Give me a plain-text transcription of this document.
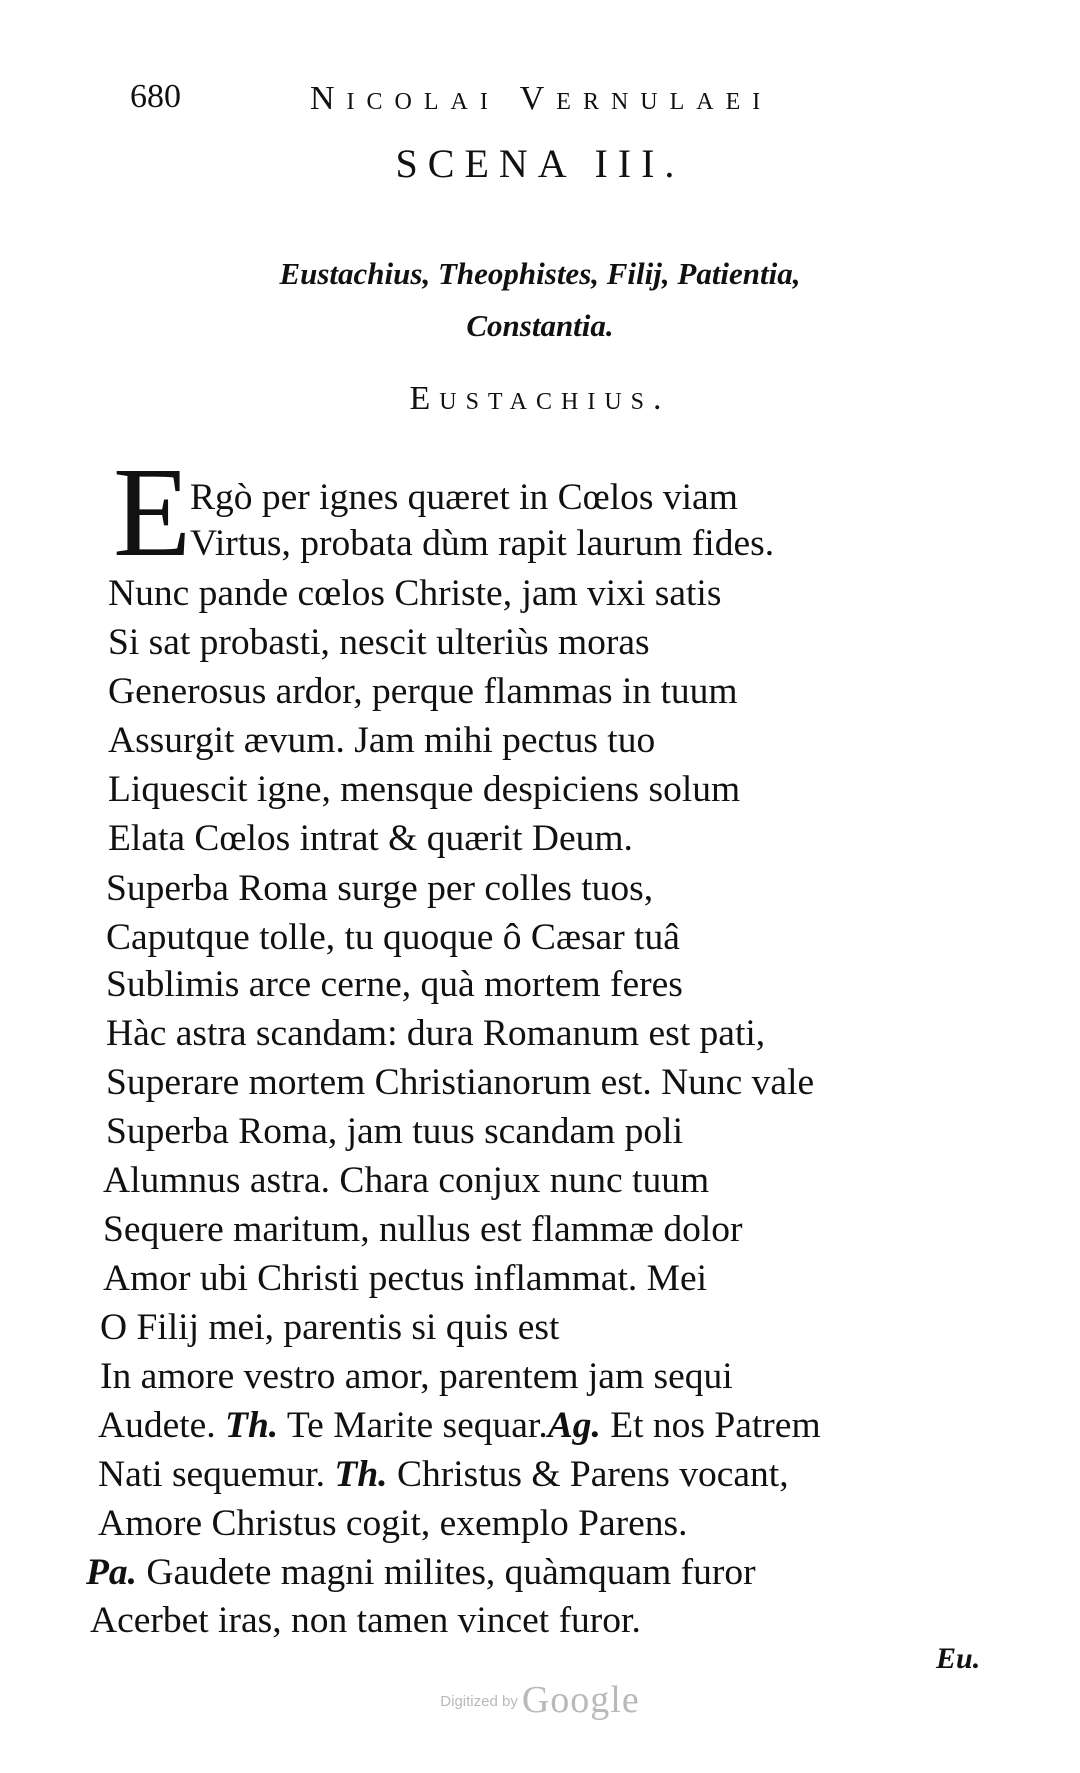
680	Nicolai Vernulaei
SCENA III.
Eustachius, Theophistes, Filij, Patientia,
Constantia.
Eustachius.
E
Rgò per ignes quæret in Cœlos viam
Virtus, probata dùm rapit laurum fides.
Nunc pande cœlos Christe, jam vixi satis
Si sat probasti, nescit ulteriùs moras
Generosus ardor, perque flammas in tuum
Assurgit ævum. Jam mihi pectus tuo
Liquescit igne, mensque despiciens solum
Elata Cœlos intrat & quærit Deum.
Superba Roma surge per colles tuos,
Caputque tolle, tu quoque ô Cæsar tuâ
Sublimis arce cerne, quà mortem feres
Hàc astra scandam: dura Romanum est pati,
Superare mortem Christianorum est. Nunc vale
Superba Roma, jam tuus scandam poli
Alumnus astra. Chara conjux nunc tuum
Sequere maritum, nullus est flammæ dolor
Amor ubi Christi pectus inflammat. Mei
O Filij mei, parentis si quis est
In amore vestro amor, parentem jam sequi
Audete. Th. Te Marite sequar.Ag. Et nos Patrem
Nati sequemur. Th. Christus & Parens vocant,
Amore Christus cogit, exemplo Parens.
Pa. Gaudete magni milites, quàmquam furor
Acerbet iras, non tamen vincet furor.
Eu.
Digitized by Google
